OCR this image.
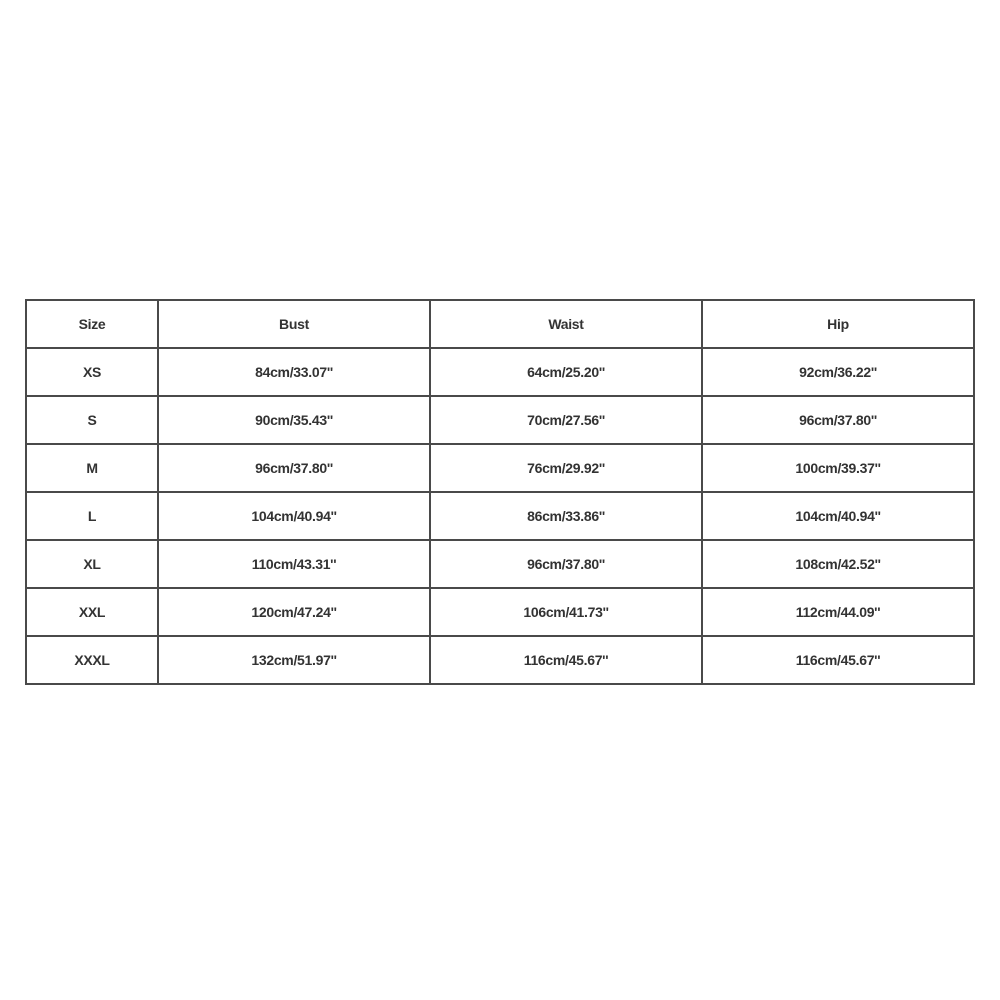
Size	Bust	Waist	Hip
XS	84cm/33.07''	64cm/25.20''	92cm/36.22''
S	90cm/35.43''	70cm/27.56''	96cm/37.80''
M	96cm/37.80''	76cm/29.92''	100cm/39.37''
L	104cm/40.94''	86cm/33.86''	104cm/40.94''
XL	110cm/43.31''	96cm/37.80''	108cm/42.52''
XXL	120cm/47.24''	106cm/41.73''	112cm/44.09''
XXXL	132cm/51.97''	116cm/45.67''	116cm/45.67''
